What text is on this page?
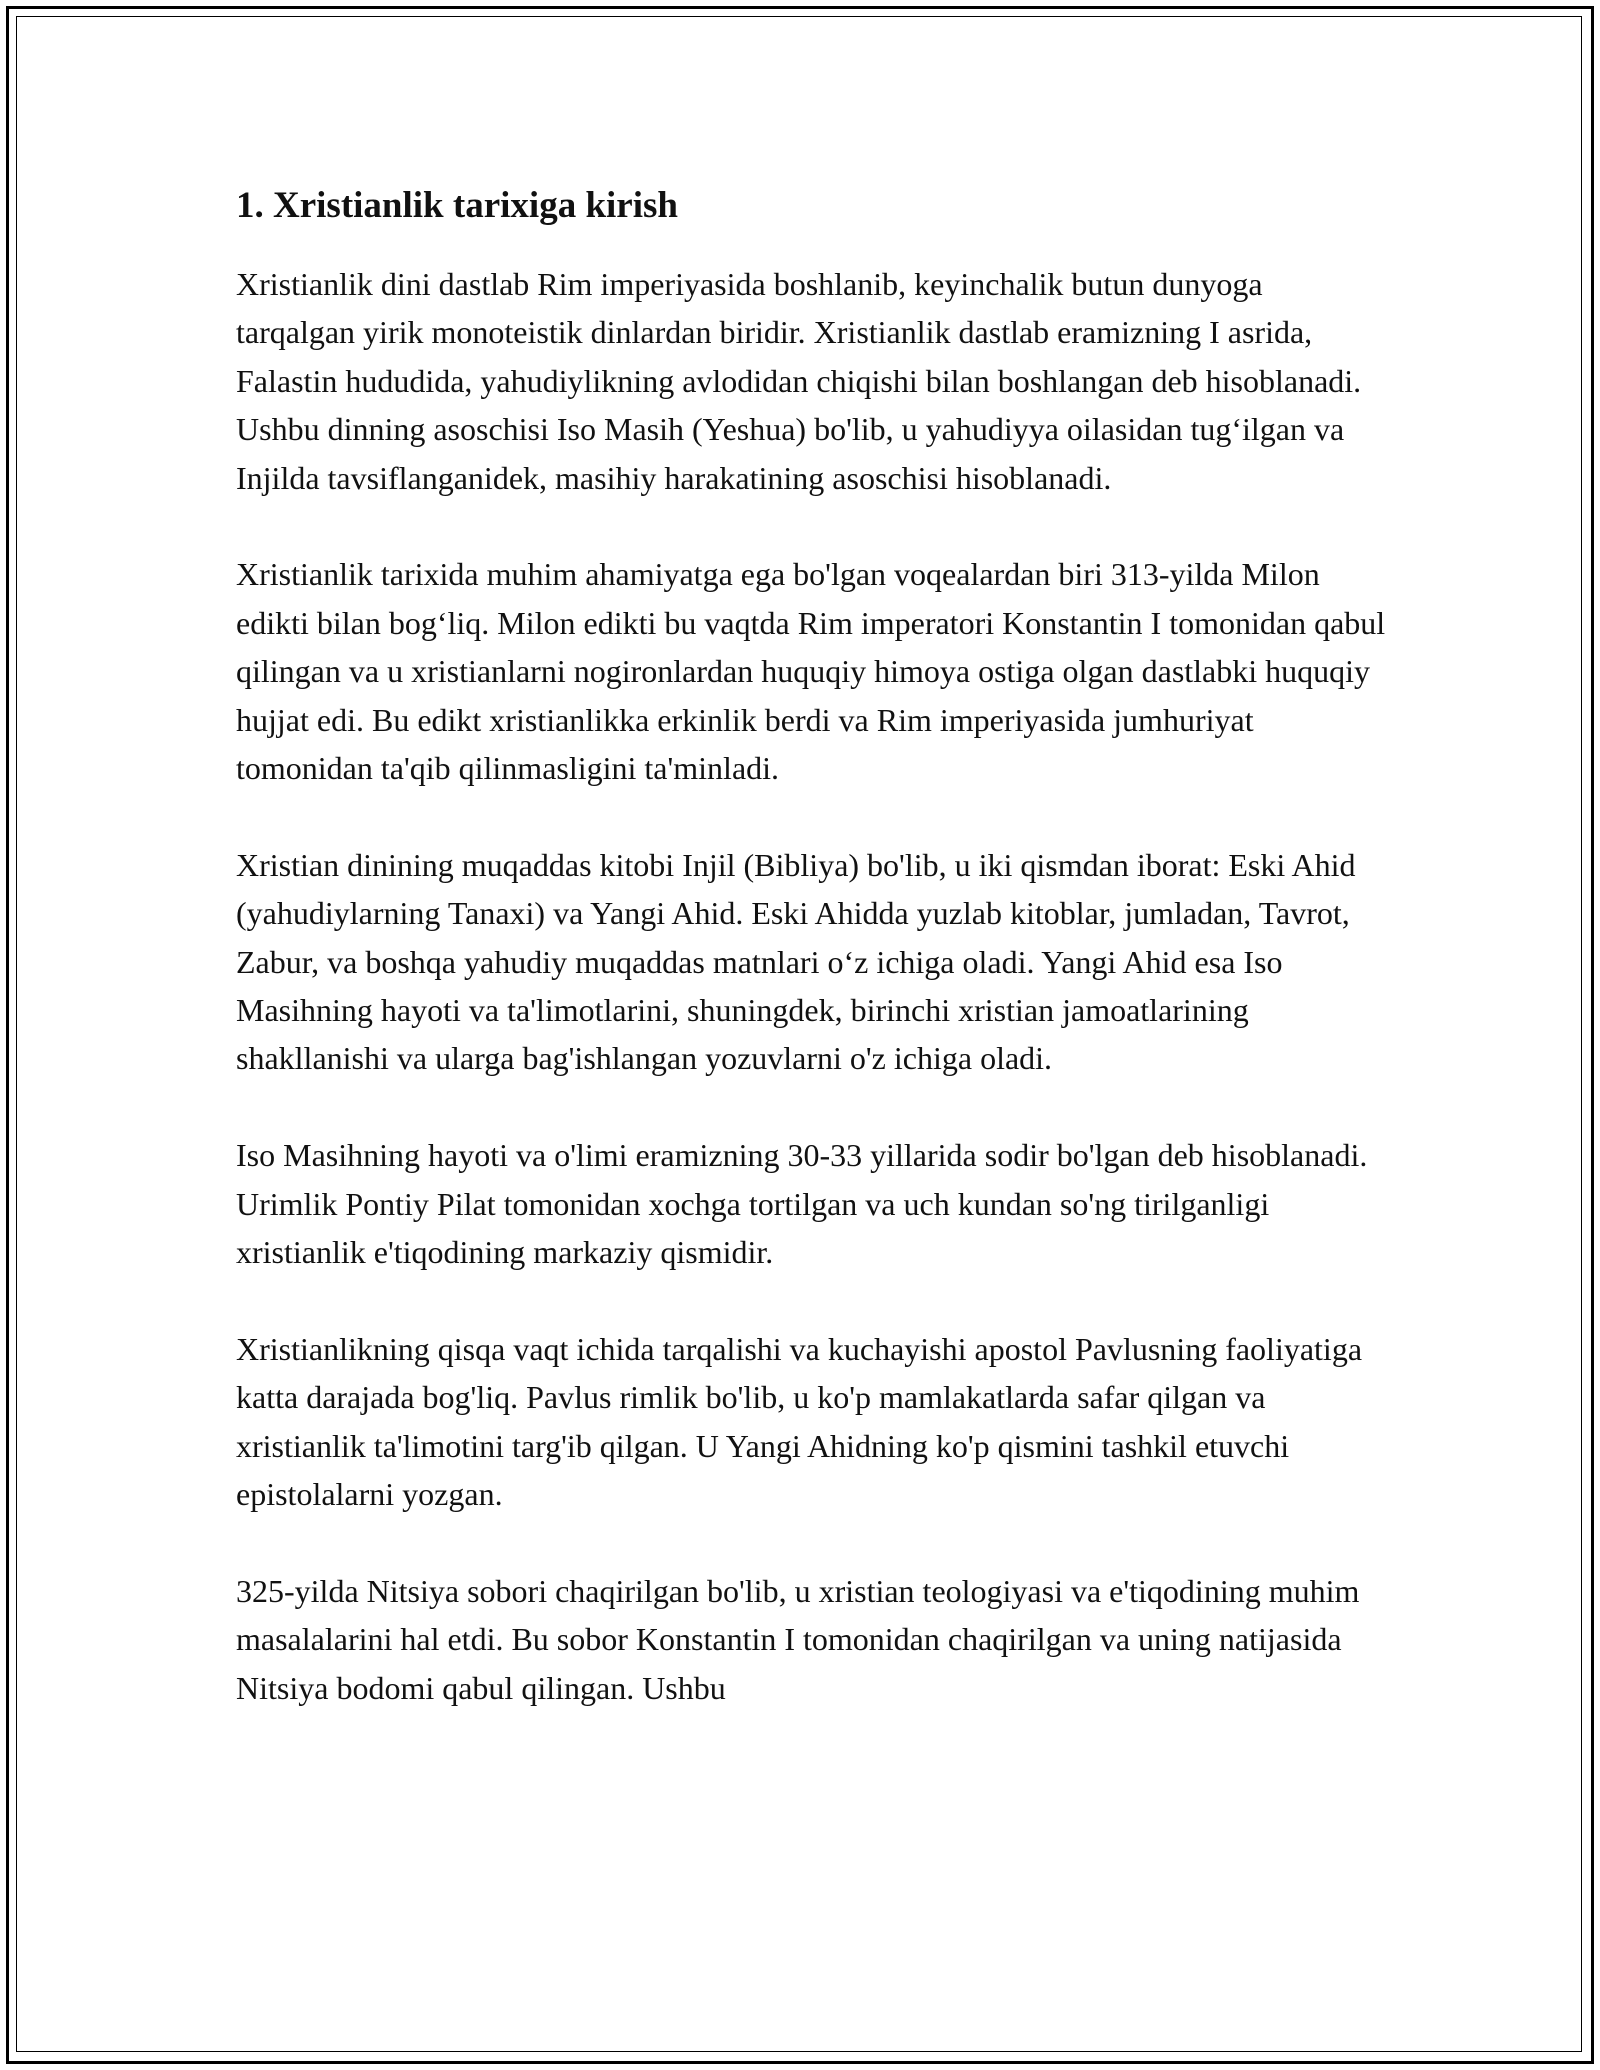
1. Xristianlik tarixiga kirish

Xristianlik dini dastlab Rim imperiyasida boshlanib, keyinchalik butun dunyoga tarqalgan yirik monoteistik dinlardan biridir. Xristianlik dastlab eramizning I asrida, Falastin hududida, yahudiylikning avlodidan chiqishi bilan boshlangan deb hisoblanadi. Ushbu dinning asoschisi Iso Masih (Yeshua) bo'lib, u yahudiyya oilasidan tug‘ilgan va Injilda tavsiflanganidek, masihiy harakatining asoschisi hisoblanadi.

Xristianlik tarixida muhim ahamiyatga ega bo'lgan voqealardan biri 313-yilda Milon edikti bilan bog‘liq. Milon edikti bu vaqtda Rim imperatori Konstantin I tomonidan qabul qilingan va u xristianlarni nogironlardan huquqiy himoya ostiga olgan dastlabki huquqiy hujjat edi. Bu edikt xristianlikka erkinlik berdi va Rim imperiyasida jumhuriyat tomonidan ta'qib qilinmasligini ta'minladi.

Xristian dinining muqaddas kitobi Injil (Bibliya) bo'lib, u iki qismdan iborat: Eski Ahid (yahudiylarning Tanaxi) va Yangi Ahid. Eski Ahidda yuzlab kitoblar, jumladan, Tavrot, Zabur, va boshqa yahudiy muqaddas matnlari o‘z ichiga oladi. Yangi Ahid esa Iso Masihning hayoti va ta'limotlarini, shuningdek, birinchi xristian jamoatlarining shakllanishi va ularga bag'ishlangan yozuvlarni o'z ichiga oladi.

Iso Masihning hayoti va o'limi eramizning 30-33 yillarida sodir bo'lgan deb hisoblanadi. Urimlik Pontiy Pilat tomonidan xochga tortilgan va uch kundan so'ng tirilganligi xristianlik e'tiqodining markaziy qismidir.

Xristianlikning qisqa vaqt ichida tarqalishi va kuchayishi apostol Pavlusning faoliyatiga katta darajada bog'liq. Pavlus rimlik bo'lib, u ko'p mamlakatlarda safar qilgan va xristianlik ta'limotini targ'ib qilgan. U Yangi Ahidning ko'p qismini tashkil etuvchi epistolalarni yozgan.

325-yilda Nitsiya sobori chaqirilgan bo'lib, u xristian teologiyasi va e'tiqodining muhim masalalarini hal etdi. Bu sobor Konstantin I tomonidan chaqirilgan va uning natijasida Nitsiya bodomi qabul qilingan. Ushbu
